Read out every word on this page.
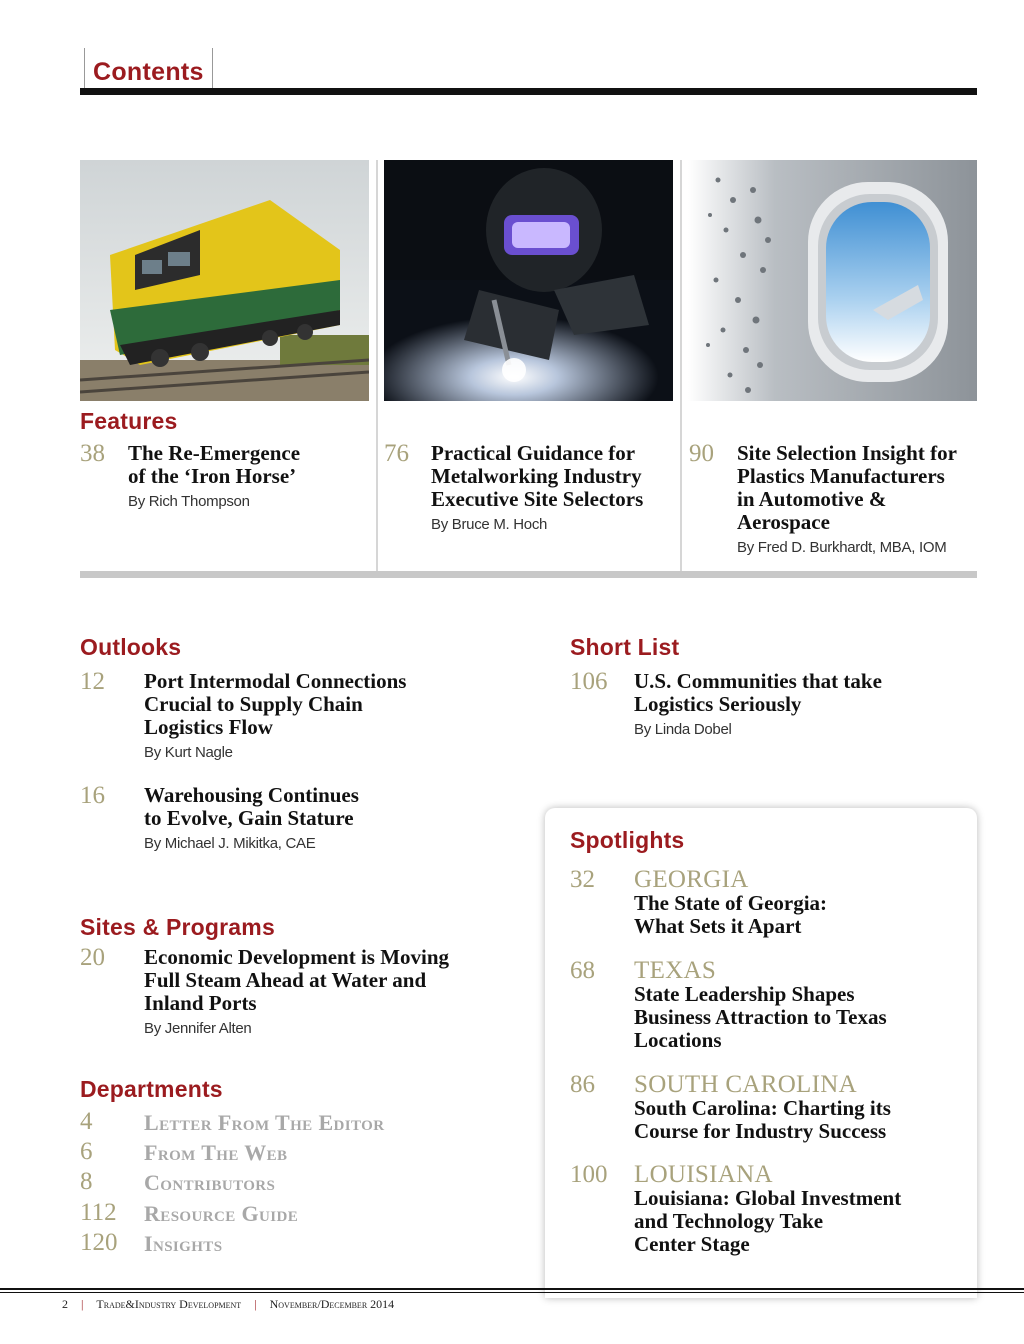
Contents
Features
38 The Re-Emergence
of the ‘Iron Horse’
By Rich Thompson
76 Practical Guidance for
Metalworking Industry
Executive Site Selectors
By Bruce M. Hoch
90 Site Selection Insight for
Plastics Manufacturers
in Automotive &
Aerospace
By Fred D. Burkhardt, MBA, IOM
Outlooks
12 Port Intermodal Connections
Crucial to Supply Chain
Logistics Flow
By Kurt Nagle
16 Warehousing Continues
to Evolve, Gain Stature
By Michael J. Mikitka, CAE
Sites & Programs
20 Economic Development is Moving
Full Steam Ahead at Water and
Inland Ports
By Jennifer Alten
Departments
4 Letter From The Editor
6 From The Web
8 Contributors
112 Resource Guide
120 Insights
Short List
106 U.S. Communities that take
Logistics Seriously
By Linda Dobel
Spotlights
32 GEORGIA
The State of Georgia:
What Sets it Apart
68 TEXAS
State Leadership Shapes
Business Attraction to Texas
Locations
86 SOUTH CAROLINA
South Carolina: Charting its
Course for Industry Success
100 LOUISIANA
Louisiana: Global Investment
and Technology Take
Center Stage
2 | Trade&Industry Development | November/December 2014
